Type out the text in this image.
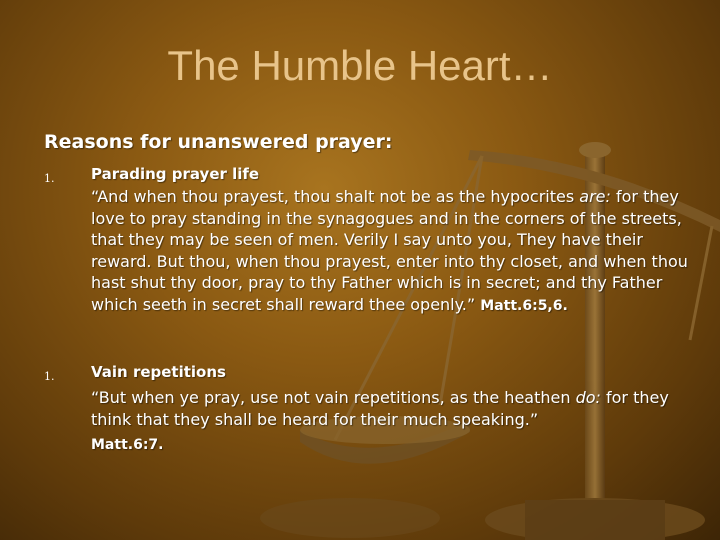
The Humble Heart…
Reasons for unanswered prayer:
1. Parading prayer life
“And when thou prayest, thou shalt not be as the hypocrites are: for they love to pray standing in the synagogues and in the corners of the streets, that they may be seen of men. Verily I say unto you, They have their reward. But thou, when thou prayest, enter into thy closet, and when thou hast shut thy door, pray to thy Father which is in secret; and thy Father which seeth in secret shall reward thee openly.” Matt.6:5,6.
1. Vain repetitions
“But when ye pray, use not vain repetitions, as the heathen do: for they think that they shall be heard for their much speaking.”
Matt.6:7.
